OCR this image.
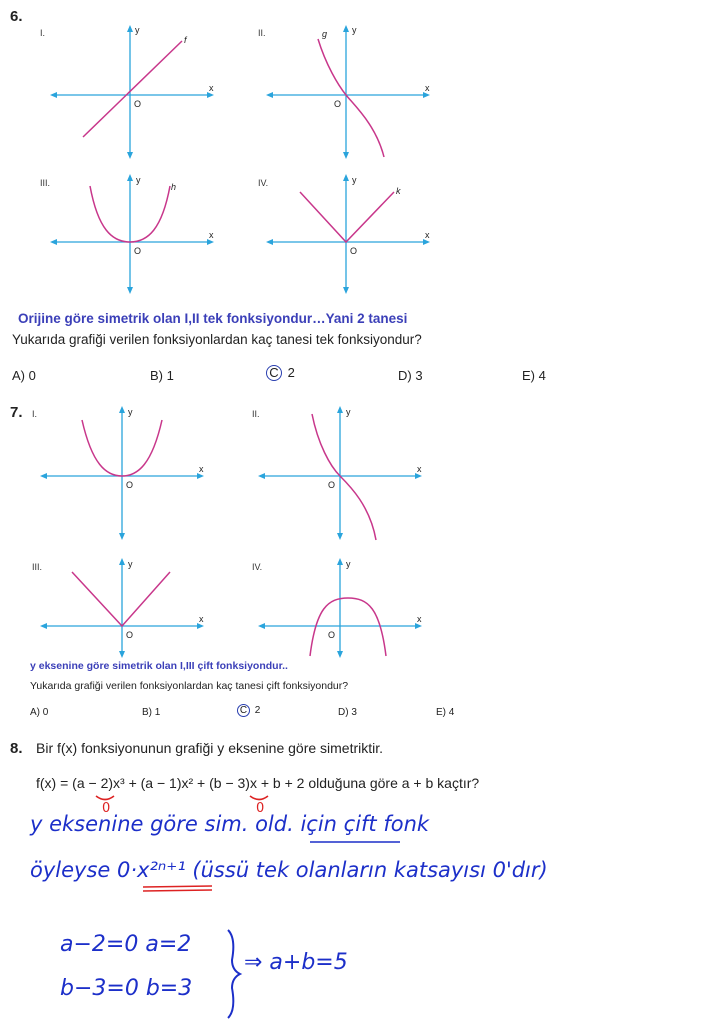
6.
I.	y
x
O
f
II.	y
x
O
g
III.	y
x
O
h	IV.	y
x
O
k
Orijine göre simetrik olan I,II tek fonksiyondur…Yani 2 tanesi
Yukarıda grafiği verilen fonksiyonlardan kaç tanesi tek fonksiyondur?
A) 0	B) 1	C 2	D) 3	E) 4
7. I.	y
x
O
II.	y
x
O
III.	y
x
O
IV.	y
x
O
y eksenine göre simetrik olan I,III çift fonksiyondur..
Yukarıda grafiği verilen fonksiyonlardan kaç tanesi çift fonksiyondur?
A) 0	B) 1	C 2	D) 3	E) 4
8. Bir f(x) fonksiyonunun grafiği y eksenine göre simetriktir.
f(x) = (a − 2)x³ + (a − 1)x² + (b − 3)x + b + 2 olduğuna göre a + b kaçtır?
0	0
y eksenine göre sim. old. için çift fonk
öyleyse 0·x²ⁿ⁺¹ (üssü tek olanların katsayısı 0'dır)
a−2=0 a=2
b−3=0 b=3
⇒ a+b=5
